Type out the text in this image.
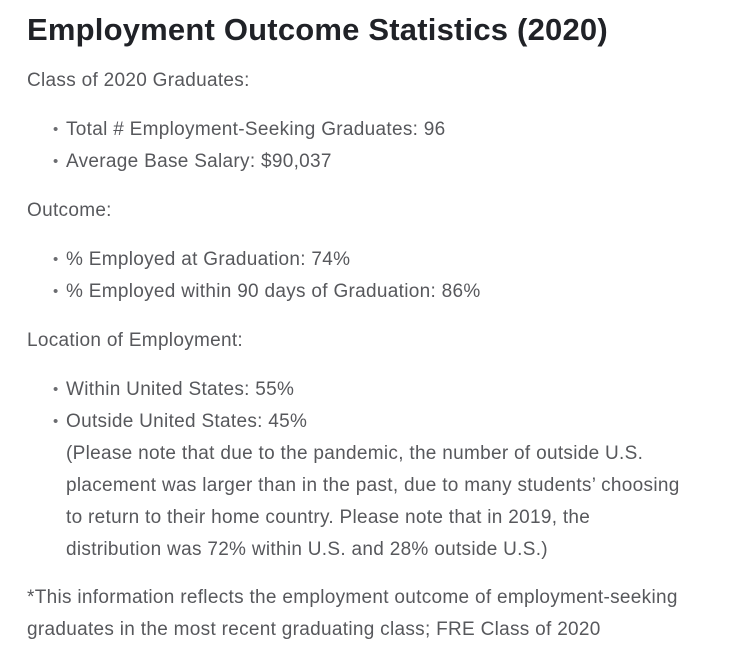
Employment Outcome Statistics (2020)

Class of 2020 Graduates:

• Total # Employment-Seeking Graduates: 96
• Average Base Salary: $90,037

Outcome:

• % Employed at Graduation: 74%
• % Employed within 90 days of Graduation: 86%

Location of Employment:

• Within United States: 55%
• Outside United States: 45%
(Please note that due to the pandemic, the number of outside U.S.
placement was larger than in the past, due to many students’ choosing
to return to their home country. Please note that in 2019, the
distribution was 72% within U.S. and 28% outside U.S.)
*This information reflects the employment outcome of employment-seeking
graduates in the most recent graduating class; FRE Class of 2020
